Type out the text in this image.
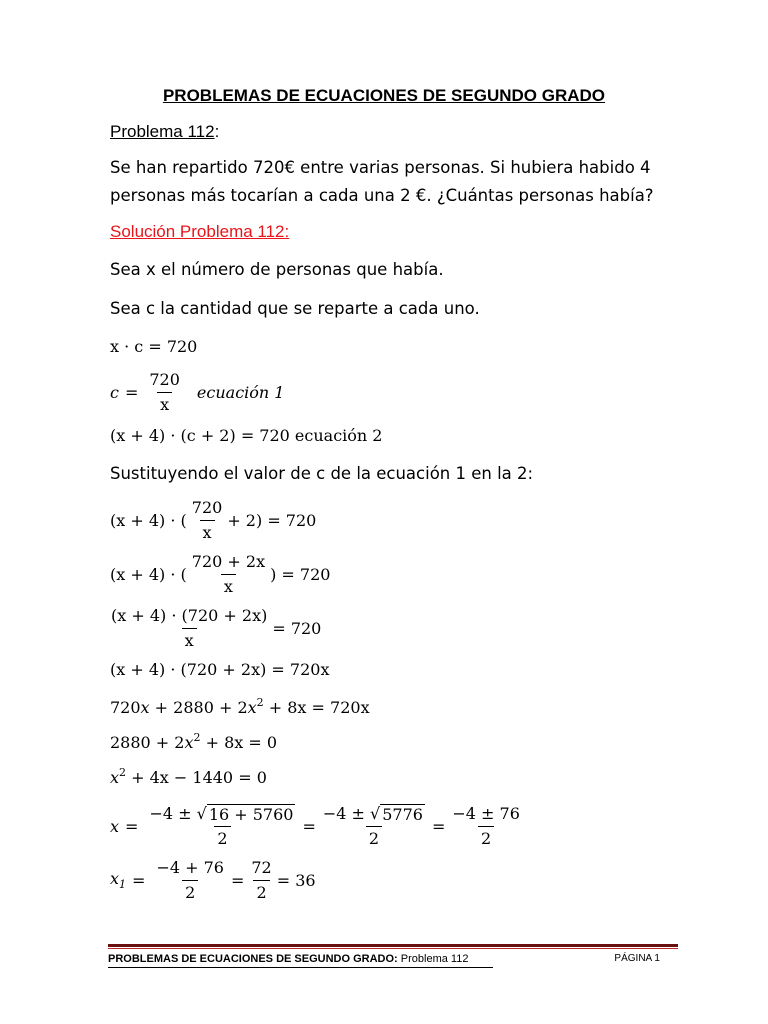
PROBLEMAS DE ECUACIONES DE SEGUNDO GRADO
Problema 112:
Se han repartido 720€ entre varias personas. Si hubiera habido 4
personas más tocarían a cada una 2 €. ¿Cuántas personas había?
Solución Problema 112:
Sea x el número de personas que había.
Sea c la cantidad que se reparte a cada uno.
x · c = 720
$c = \frac{720}{x}$ ecuación 1
(x + 4) · (c + 2) = 720 ecuación 2
Sustituyendo el valor de c de la ecuación 1 en la 2:
(x + 4) · ( $\frac{720}{x} + 2) = 720$
(x + 4) · ( $\frac{720 + 2x}{x}$ ) = 720
$\frac{(x + 4) \cdot (720 + 2x)}{x} = 720$
(x + 4) · (720 + 2x) = 720x
$720x + 2880 + 2x^2 + 8x = 720x$
$2880 + 2x^2 + 8x = 0$
$x^2 + 4x - 1440 = 0$
$x = \frac{-4 \pm √ 16 + 5760}{2} = \frac{-4 \pm √ 5776}{2} = \frac{-4 \pm 76}{2}$
$x_1 = \frac{-4 + 76}{2} = \frac{72}{2} = 36$
PROBLEMAS DE ECUACIONES DE SEGUNDO GRADO: Problema 112	PÁGINA 1
